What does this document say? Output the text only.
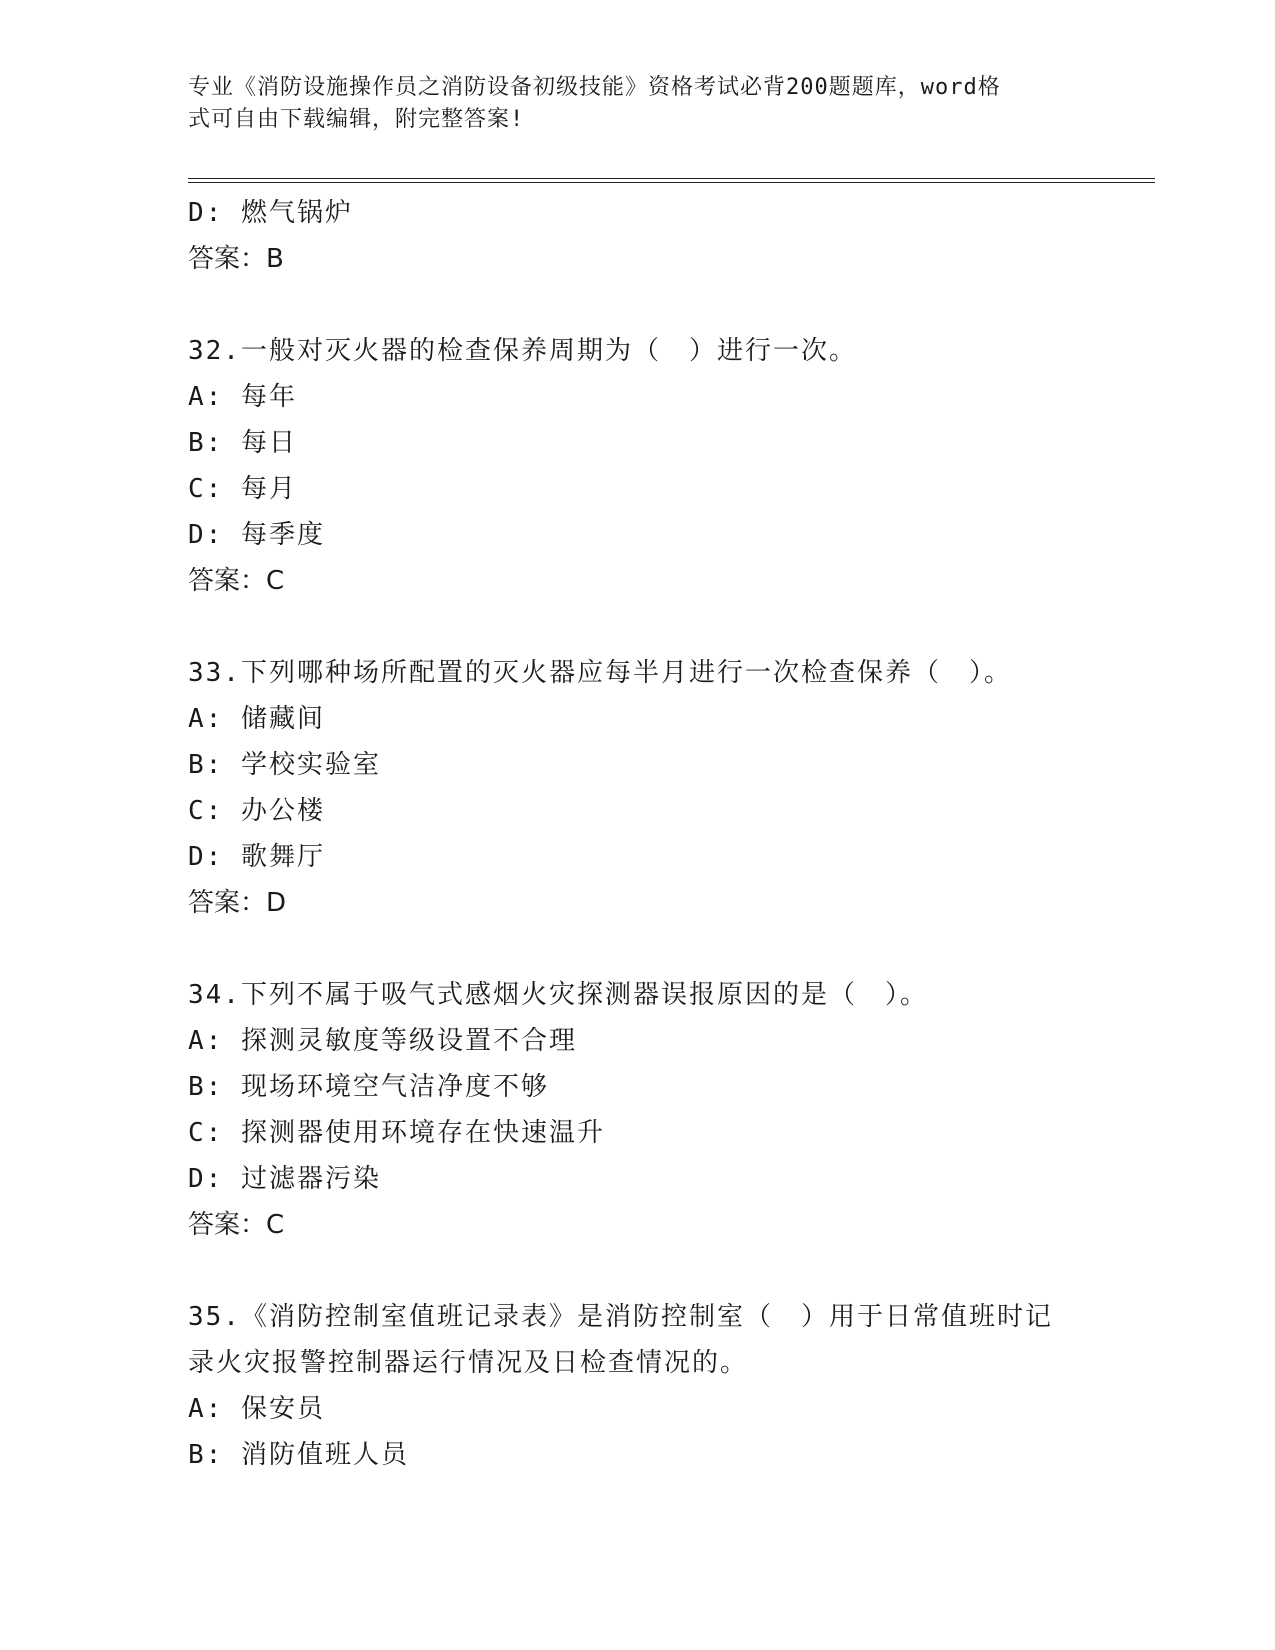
专业《消防设施操作员之消防设备初级技能》资格考试必背200题题库，word格
式可自由下载编辑，附完整答案!
D: 燃气锅炉
答案：B
32.一般对灭火器的检查保养周期为（　）进行一次。
A: 每年
B: 每日
C: 每月
D: 每季度
答案：C
33.下列哪种场所配置的灭火器应每半月进行一次检查保养（　）。
A: 储藏间
B: 学校实验室
C: 办公楼
D: 歌舞厅
答案：D
34.下列不属于吸气式感烟火灾探测器误报原因的是（　）。
A: 探测灵敏度等级设置不合理
B: 现场环境空气洁净度不够
C: 探测器使用环境存在快速温升
D: 过滤器污染
答案：C
35.《消防控制室值班记录表》是消防控制室（　）用于日常值班时记
录火灾报警控制器运行情况及日检查情况的。
A: 保安员
B: 消防值班人员
